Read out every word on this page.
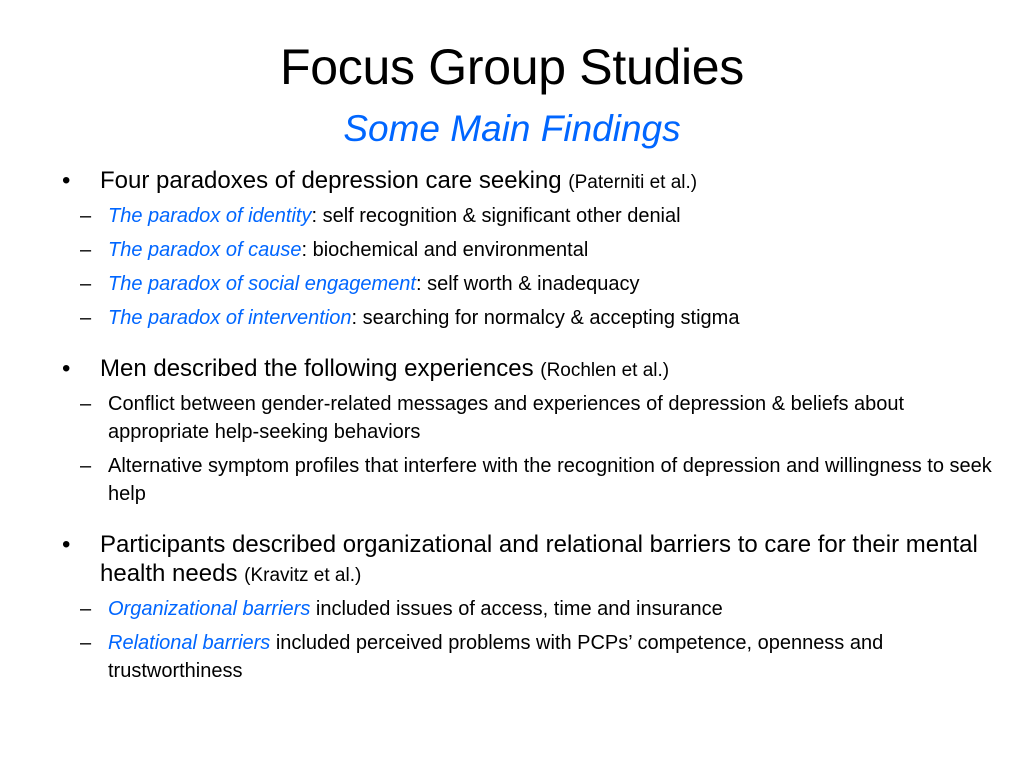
Focus Group Studies
Some Main Findings
•	Four paradoxes of depression care seeking (Paterniti et al.)
– The paradox of identity: self recognition & significant other denial
– The paradox of cause: biochemical and environmental
– The paradox of social engagement: self worth & inadequacy
– The paradox of intervention: searching for normalcy & accepting stigma
•	Men described the following experiences (Rochlen et al.)
– Conflict between gender-related messages and experiences of depression & beliefs about appropriate help-seeking behaviors
– Alternative symptom profiles that interfere with the recognition of depression and willingness to seek help
•	Participants described organizational and relational barriers to care for their mental health needs (Kravitz et al.)
– Organizational barriers included issues of access, time and insurance
– Relational barriers included perceived problems with PCPs’ competence, openness and trustworthiness
